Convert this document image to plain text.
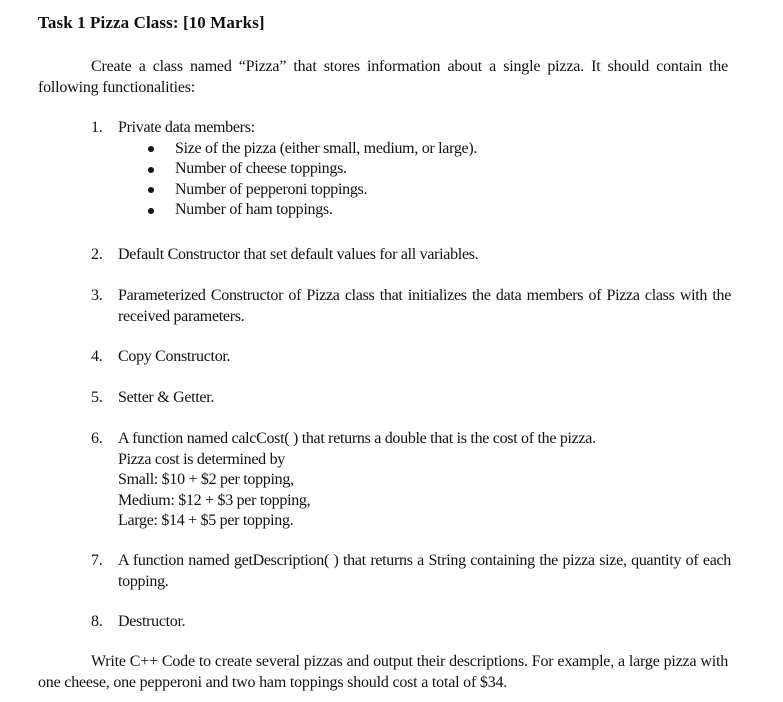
Task 1 Pizza Class: [10 Marks]
Create a class named “Pizza” that stores information about a single pizza. It should contain the following functionalities:
1. Private data members:
Size of the pizza (either small, medium, or large).
Number of cheese toppings.
Number of pepperoni toppings.
Number of ham toppings.
2. Default Constructor that set default values for all variables.
3. Parameterized Constructor of Pizza class that initializes the data members of Pizza class with the received parameters.
4. Copy Constructor.
5. Setter & Getter.
6. A function named calcCost( ) that returns a double that is the cost of the pizza.
Pizza cost is determined by
Small: $10 + $2 per topping,
Medium: $12 + $3 per topping,
Large: $14 + $5 per topping.
7. A function named getDescription( ) that returns a String containing the pizza size, quantity of each topping.
8. Destructor.
Write C++ Code to create several pizzas and output their descriptions. For example, a large pizza with one cheese, one pepperoni and two ham toppings should cost a total of $34.
